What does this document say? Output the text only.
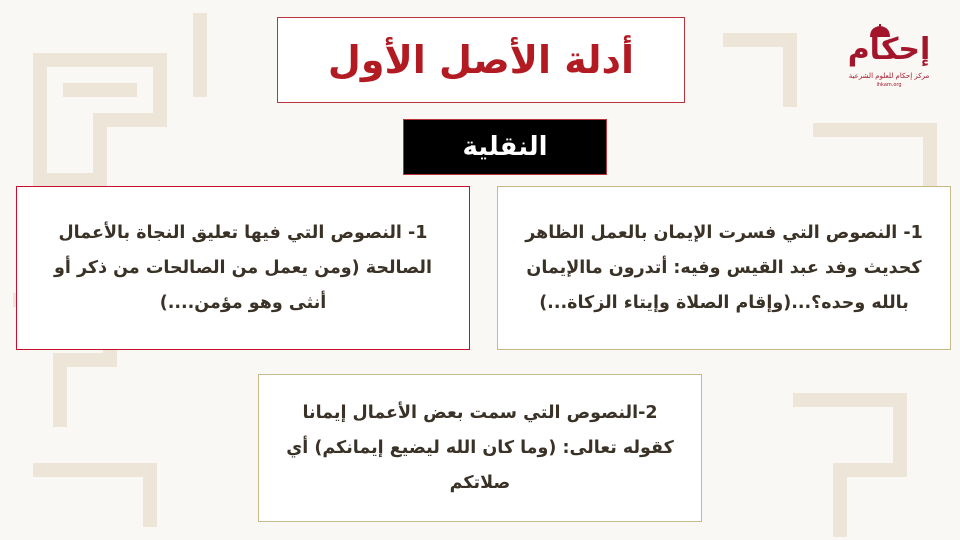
أدلة الأصل الأول
النقلية

1- النصوص التي فيها تعليق النجاة بالأعمال الصالحة (ومن يعمل من الصالحات من ذكر أو أنثى وهو مؤمن....)

1- النصوص التي فسرت الإيمان بالعمل الظاهر كحديث وفد عبد القيس وفيه: أتدرون ماالإيمان بالله وحده؟...(وإقام الصلاة وإيتاء الزكاة...)

2-النصوص التي سمت بعض الأعمال إيمانا كقوله تعالى: (وما كان الله ليضيع إيمانكم) أي صلاتكم

إحكام
مركز إحكام للعلوم الشرعية
ihkam.org
